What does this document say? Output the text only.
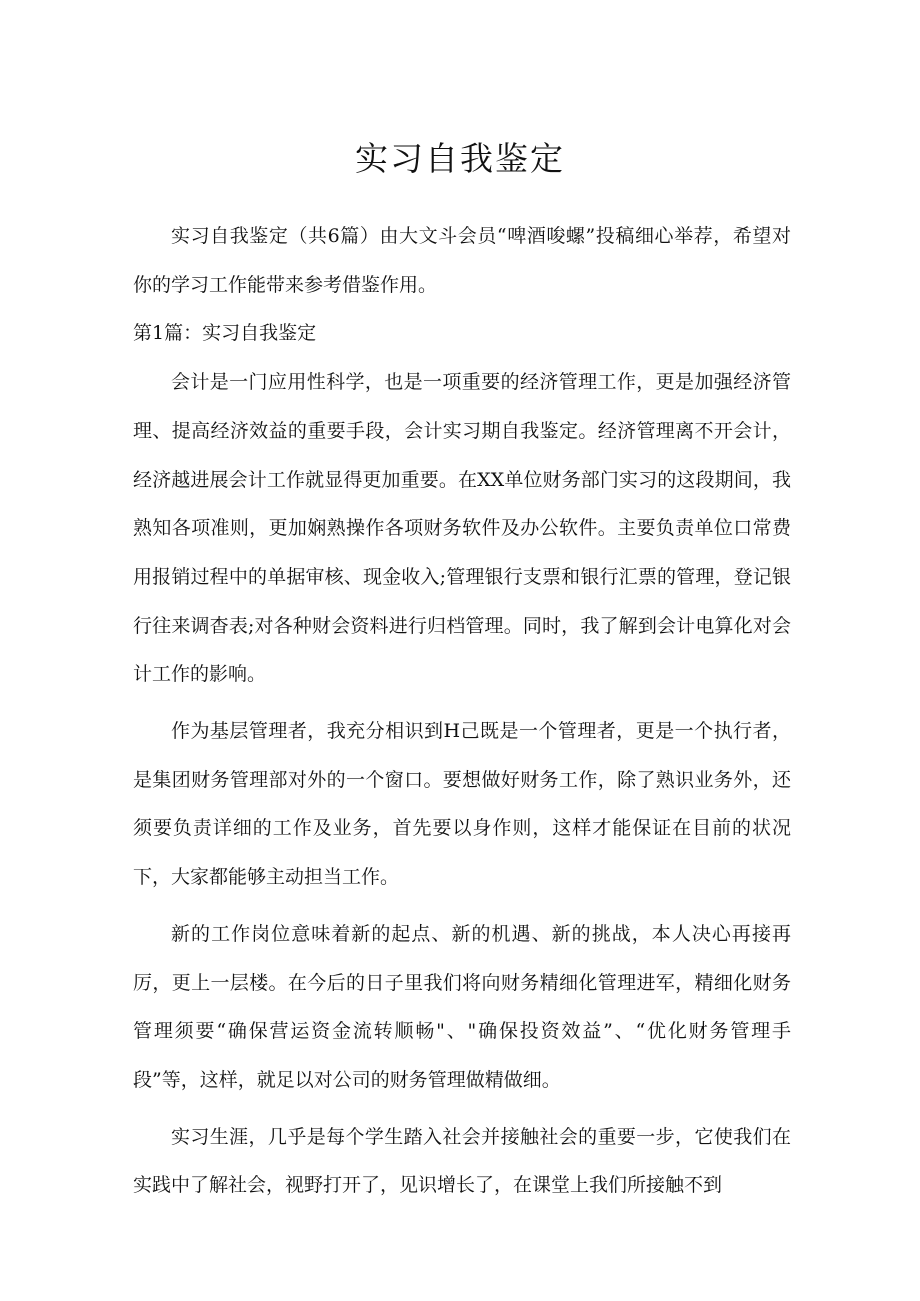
实习自我鉴定

实习自我鉴定（共6篇）由大文斗会员“啤酒唆螺”投稿细心举荐，希望对你的学习工作能带来参考借鉴作用。

第1篇：实习自我鉴定

会计是一门应用性科学，也是一项重要的经济管理工作，更是加强经济管理、提高经济效益的重要手段，会计实习期自我鉴定。经济管理离不开会计，经济越进展会计工作就显得更加重要。在XX单位财务部门实习的这段期间，我熟知各项准则，更加娴熟操作各项财务软件及办公软件。主要负责单位口常费用报销过程中的单据审核、现金收入;管理银行支票和银行汇票的管理，登记银行往来调杳表;对各种财会资料进行归档管理。同时，我了解到会计电算化对会计工作的影响。

作为基层管理者，我充分相识到H己既是一个管理者，更是一个执行者，是集团财务管理部对外的一个窗口。要想做好财务工作，除了熟识业务外，还须要负责详细的工作及业务，首先要以身作则，这样才能保证在目前的状况下，大家都能够主动担当工作。

新的工作岗位意味着新的起点、新的机遇、新的挑战，本人决心再接再厉，更上一层楼。在今后的日子里我们将向财务精细化管理进军，精细化财务管理须要“确保营运资金流转顺畅"、"确保投资效益”、“优化财务管理手段”等，这样，就足以对公司的财务管理做精做细。

实习生涯，几乎是每个学生踏入社会并接触社会的重要一步，它使我们在实践中了解社会，视野打开了，见识增长了，在课堂上我们所接触不到
